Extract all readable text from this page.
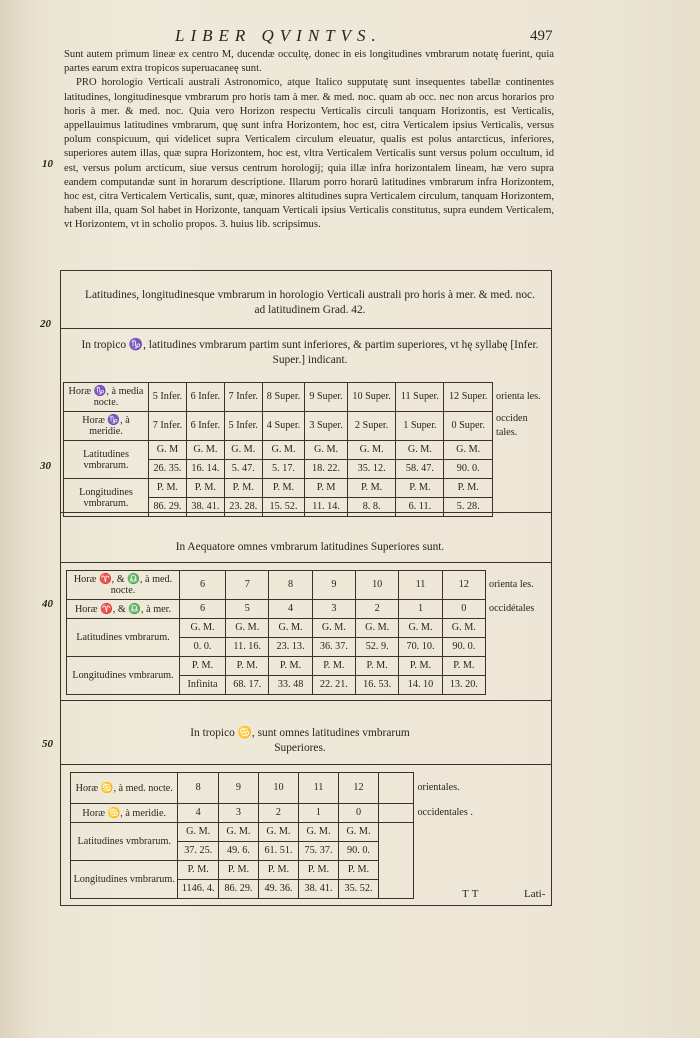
LIBER QVINTVS.	497

Sunt autem primum lineæ ex centro M, ducendæ occultę, donec in eis longitudines vmbrarum notatę fuerint, quia partes earum extra tropicos superuacaneę sunt.

PRO horologio Verticali australi Astronomico, atque Italico supputatę sunt insequentes tabellæ continentes latitudines, longitudinesque vmbrarum pro horis tam à mer. & med. noc. quam ab occ. nec non arcus horarios pro horis à mer. & med. noc. Quia vero Horizon respectu Verticalis circuli tanquam Horizontis, est Verticalis, appellauimus latitudines vmbrarum, quę sunt infra Horizontem, hoc est, citra Verticalem ipsius Verticalis, versus polum conspicuum, qui videlicet supra Verticalem circulum eleuatur, qualis est polus antarcticus, inferiores, superiores autem illas, quæ supra Horizontem, hoc est, vltra Verticalem Verticalis sunt versus polum occultum, id est, versus polum arcticum, siue versus centrum horologij; quia illæ infra horizontalem lineam, hæ vero supra eandem computandæ sunt in horarum descriptione. Illarum porro horarũ latitudines vmbrarum infra Horizontem, hoc est, citra Verticalem Verticalis, sunt, quæ, minores altitudines supra Verticalem circulum, tanquam Horizontem, habent illa, quam Sol habet in Horizonte, tanquam Verticali ipsius Verticalis constitutus, supra eundem Verticalem, vt Horizontem, vt in scholio propos. 3. huius lib. scripsimus.

10
20
30
40
50
Latitudines, longitudinesque vmbrarum in horologio Verticali australi pro horis à mer. & med. noc. ad latitudinem Grad. 42.
In tropico ♑, latitudines vmbrarum partim sunt inferiores, & partim superiores, vt hę syllabę [Infer. Super.] indicant.
Horæ ♑, à media nocte.	5 Infer.	6 Infer.	7 Infer.	8 Super.	9 Super.	10 Super.	11 Super.	12 Super.	orienta les.
Horæ ♑, à meridie.	7 Infer.	6 Infer.	5 Infer.	4 Super.	3 Super.	2 Super.	1 Super.	0 Super.	occiden tales.
Latitudines vmbrarum.	G. M	G. M.	G. M.	G. M.	G. M.	G. M.	G. M.	G. M.	
	26. 35.	16. 14.	5. 47.	5. 17.	18. 22.	35. 12.	58. 47.	90. 0.	
Longitudines vmbrarum.	P. M.	P. M.	P. M.	P. M.	P. M	P. M.	P. M.	P. M.	
	86. 29.	38. 41.	23. 28.	15. 52.	11. 14.	8. 8.	6. 11.	5. 28.	
In Aequatore omnes vmbrarum latitudines Superiores sunt.
Horæ ♈, & ♎, à med. nocte.	6	7	8	9	10	11	12	orienta les.
Horæ ♈, & ♎, à mer.	6	5	4	3	2	1	0	occidétales
Latitudines vmbrarum.	G. M.	G. M.	G. M.	G. M.	G. M.	G. M.	G. M.	
	0. 0.	11. 16.	23. 13.	36. 37.	52. 9.	70. 10.	90. 0.	
Longitudines vmbrarum.	P. M.	P. M.	P. M.	P. M.	P. M.	P. M.	P. M.	
	Infinita	68. 17.	33. 48	22. 21.	16. 53.	14. 10	13. 20.	
In tropico ♋, sunt omnes latitudines vmbrarum Superiores.
Horæ ♋, à med. nocte.	8	9	10	11	12		orientales.
Horæ ♋, à meridie.	4	3	2	1	0		occidentales .
Latitudines vmbrarum.	G. M.	G. M.	G. M.	G. M.	G. M.		
	37. 25.	49. 6.	61. 51.	75. 37.	90. 0.		
Longitudines vmbrarum.	P. M.	P. M.	P. M.	P. M.	P. M.		
	1146. 4.	86. 29.	49. 36.	38. 41.	35. 52.			TT	Lati-
